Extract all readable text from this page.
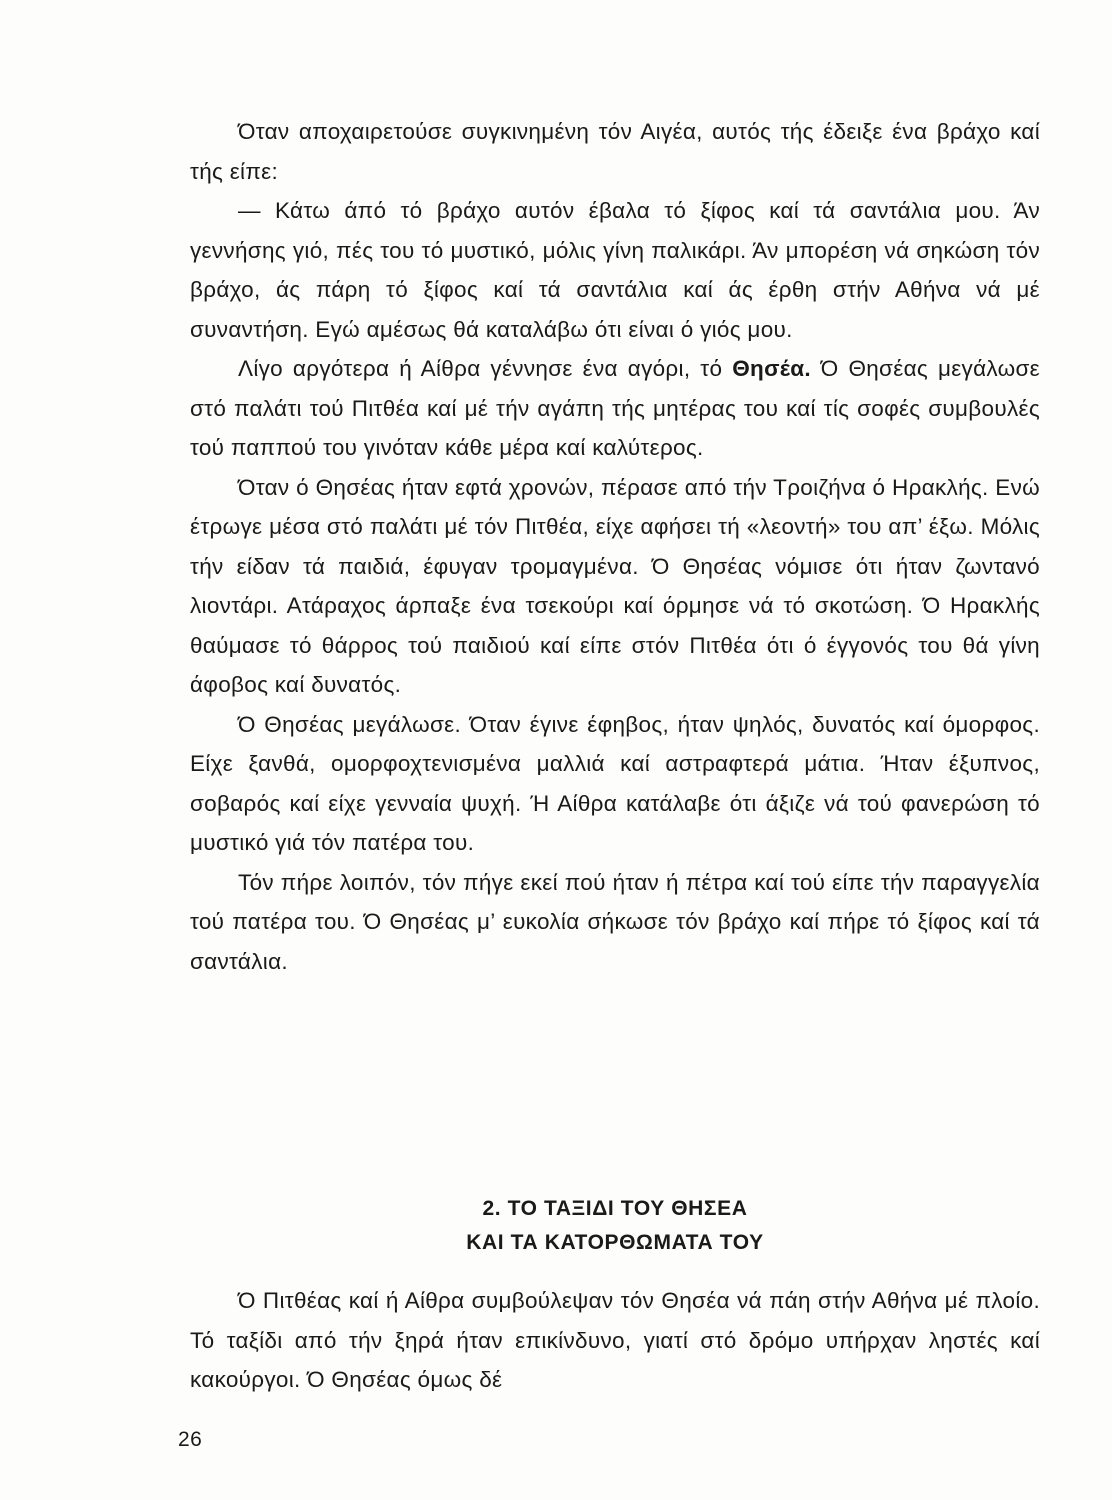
Όταν αποχαιρετούσε συγκινημένη τόν Αιγέα, αυτός τής έδειξε ένα βράχο καί τής είπε:

— Κάτω άπό τό βράχο αυτόν έβαλα τό ξίφος καί τά σαντάλια μου. Άν γεννήσης γιό, πές του τό μυστικό, μόλις γίνη παλικάρι. Άν μπορέση νά σηκώση τόν βράχο, άς πάρη τό ξίφος καί τά σαντάλια καί άς έρθη στήν Αθήνα νά μέ συναντήση. Εγώ αμέσως θά καταλάβω ότι είναι ό γιός μου.

Λίγο αργότερα ή Αίθρα γέννησε ένα αγόρι, τό Θησέα. Ό Θησέας μεγάλωσε στό παλάτι τού Πιτθέα καί μέ τήν αγάπη τής μητέρας του καί τίς σοφές συμβουλές τού παππού του γινόταν κάθε μέρα καί καλύτερος.

Όταν ό Θησέας ήταν εφτά χρονών, πέρασε από τήν Τροιζήνα ό Ηρακλής. Ενώ έτρωγε μέσα στό παλάτι μέ τόν Πιτθέα, είχε αφήσει τή «λεοντή» του απ’ έξω. Μόλις τήν είδαν τά παιδιά, έφυγαν τρομαγμένα. Ό Θησέας νόμισε ότι ήταν ζωντανό λιοντάρι. Ατάραχος άρπαξε ένα τσεκούρι καί όρμησε νά τό σκοτώση. Ό Ηρακλής θαύμασε τό θάρρος τού παιδιού καί είπε στόν Πιτθέα ότι ό έγγονός του θά γίνη άφοβος καί δυνατός.

Ό Θησέας μεγάλωσε. Όταν έγινε έφηβος, ήταν ψηλός, δυνατός καί όμορφος. Είχε ξανθά, ομορφοχτενισμένα μαλλιά καί αστραφτερά μάτια. Ήταν έξυπνος, σοβαρός καί είχε γενναία ψυχή. Ή Αίθρα κατάλαβε ότι άξιζε νά τού φανερώση τό μυστικό γιά τόν πατέρα του.

Τόν πήρε λοιπόν, τόν πήγε εκεί πού ήταν ή πέτρα καί τού είπε τήν παραγγελία τού πατέρα του. Ό Θησέας μ’ ευκολία σήκωσε τόν βράχο καί πήρε τό ξίφος καί τά σαντάλια.

2. ΤΟ ΤΑΞΙΔΙ ΤΟΥ ΘΗΣΕΑ
ΚΑΙ ΤΑ ΚΑΤΟΡΘΩΜΑΤΑ ΤΟΥ

Ό Πιτθέας καί ή Αίθρα συμβούλεψαν τόν Θησέα νά πάη στήν Αθήνα μέ πλοίο. Τό ταξίδι από τήν ξηρά ήταν επικίνδυνο, γιατί στό δρόμο υπήρχαν ληστές καί κακούργοι. Ό Θησέας όμως δέ

26
